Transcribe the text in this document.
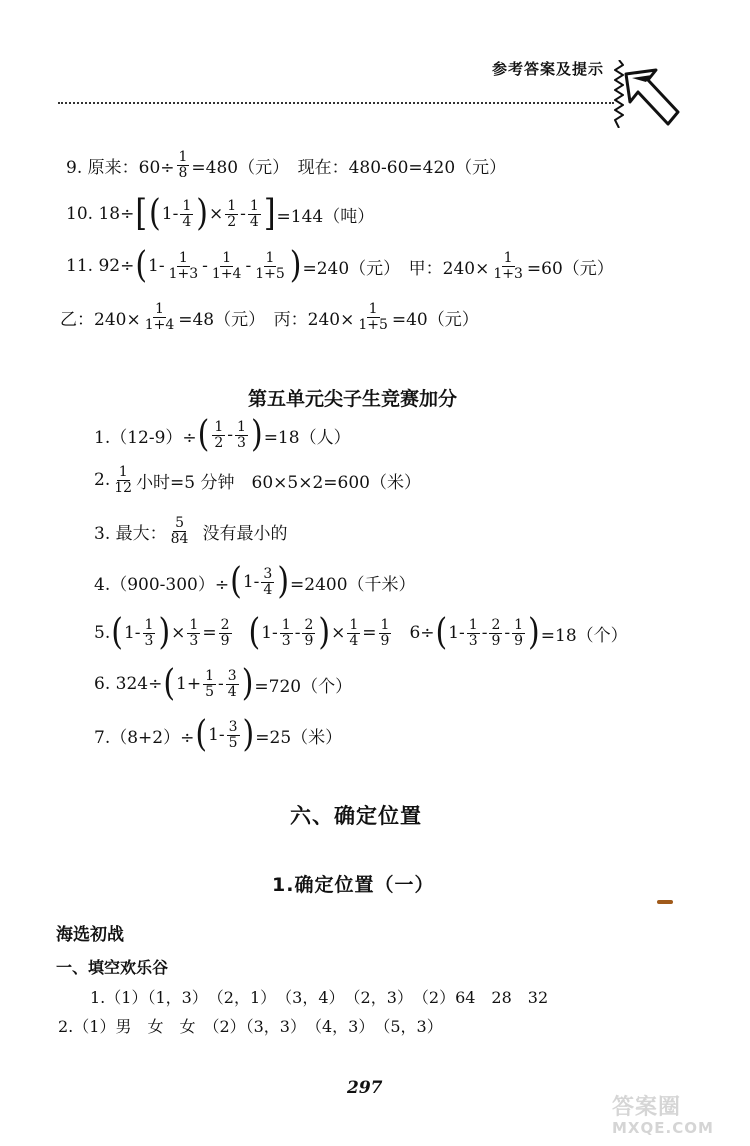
参考答案及提示
9. 原来：$60\div \frac{1}{8} =480$（元）　现在：480-60=420（元）
10. 18÷ [ ( $1- \frac{1}{4}$ ) × $\frac{1}{2} - \frac{1}{4}$ ] =144（吨）
11. 92÷ ( $1- \frac{1}{1+3} - \frac{1}{1+4} - \frac{1}{1+5}$ ) =240（元）　甲：$240\times \frac{1}{1+3} =60$（元）
乙：$240\times \frac{1}{1+4} =48$（元）　丙：$240\times \frac{1}{1+5} =40$（元）
第五单元尖子生竞赛加分
1.（12-9）÷ ( $\frac{1}{2} - \frac{1}{3}$ ) =18（人）
2. $\frac{1}{12}$ 小时=5 分钟　60×5×2=600（米）
3. 最大： $\frac{5}{84}$ 没有最小的
4.（900-300）÷ ( $1- \frac{3}{4}$ ) =2400（千米）
5. ( $1- \frac{1}{3}$ ) × $\frac{1}{3} = \frac{2}{9}$ ( $1- \frac{1}{3} - \frac{2}{9}$ ) × $\frac{1}{4} = \frac{1}{9} 6\div$ ( $1- \frac{1}{3} - \frac{2}{9} - \frac{1}{9}$ ) =18（个）
6. 324÷ ( $1+ \frac{1}{5} - \frac{3}{4}$ ) =720（个）
7.（8+2）÷ ( $1- \frac{3}{5}$ ) =25（米）
六、确定位置
1.确定位置（一）
海选初战
一、填空欢乐谷
1.（1）（1，3）　（2，1）　（3，4）　（2，3）　（2）64　28　32
2.（1）男　女　女　（2）（3，3）　（4，3）　（5，3）
297
答案圈
MXQE.COM
